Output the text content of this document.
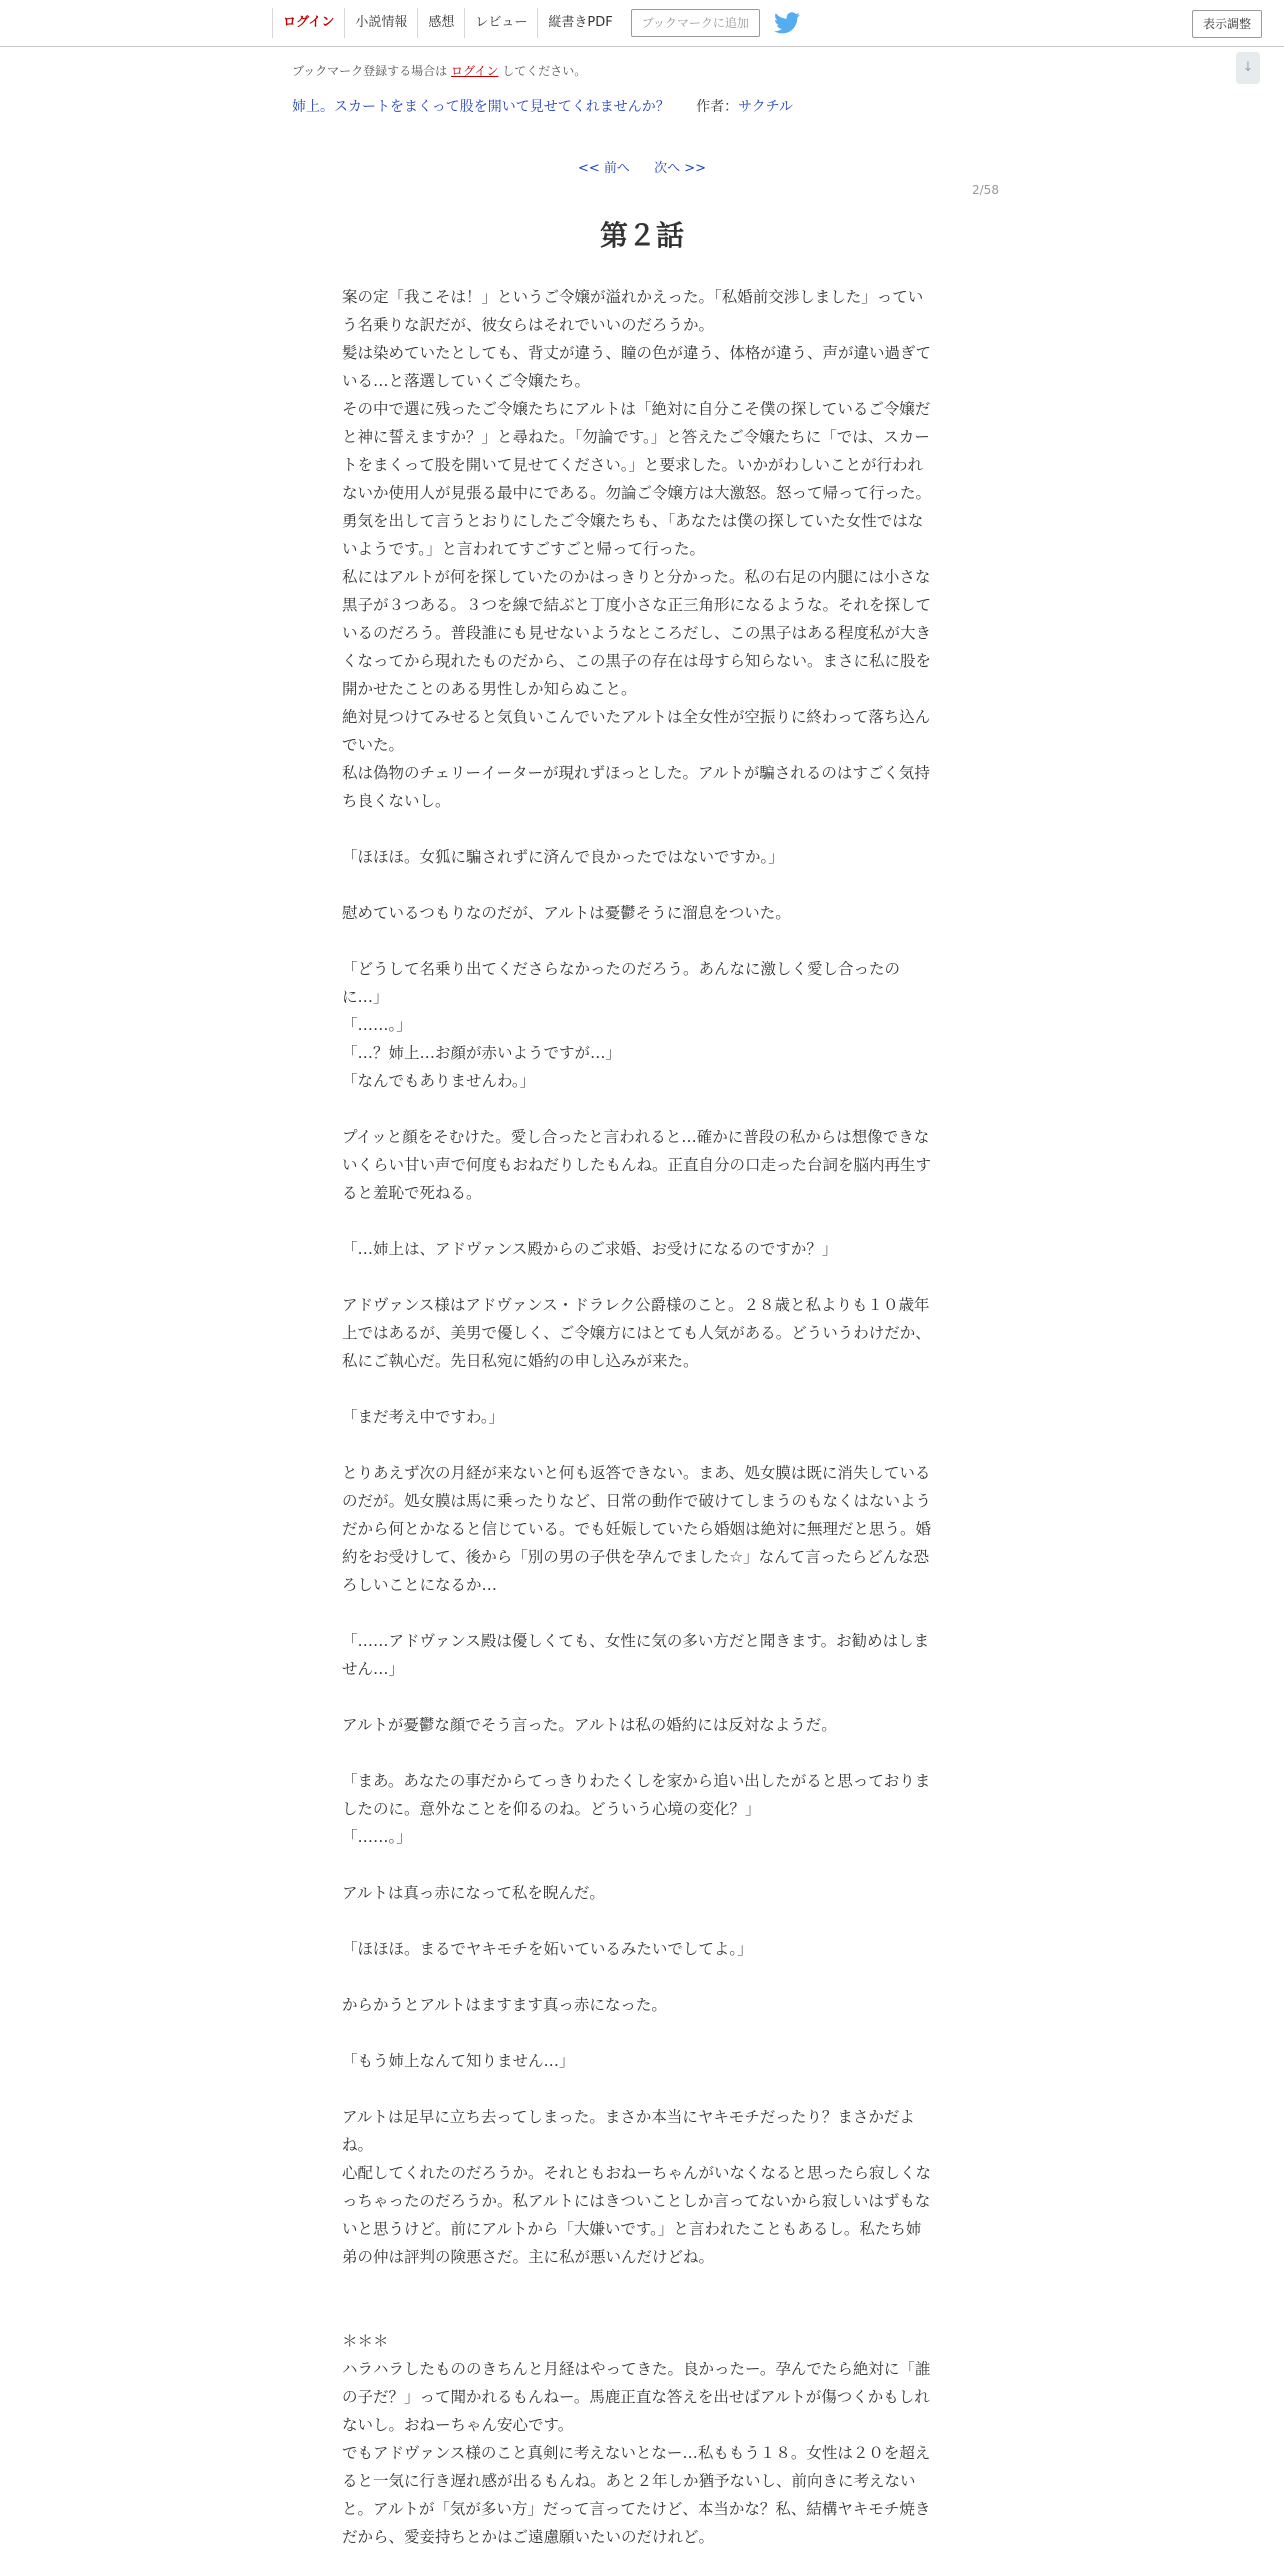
ログイン	小説情報	感想	レビュー	縦書きPDF	ブックマークに追加	表示調整
ブックマーク登録する場合は ログイン してください。	↓
姉上。スカートをまくって股を開いて見せてくれませんか？ 作者：サクチル
<< 前へ 次へ >>
2/58
第２話
案の定「我こそは！」というご令嬢が溢れかえった。「私婚前交渉しました」っていう名乗りな訳だが、彼女らはそれでいいのだろうか。
髪は染めていたとしても、背丈が違う、瞳の色が違う、体格が違う、声が違い過ぎている…と落選していくご令嬢たち。
その中で選に残ったご令嬢たちにアルトは「絶対に自分こそ僕の探しているご令嬢だと神に誓えますか？」と尋ねた。「勿論です。」と答えたご令嬢たちに「では、スカートをまくって股を開いて見せてください。」と要求した。いかがわしいことが行われないか使用人が見張る最中にである。勿論ご令嬢方は大激怒。怒って帰って行った。勇気を出して言うとおりにしたご令嬢たちも、「あなたは僕の探していた女性ではないようです。」と言われてすごすごと帰って行った。
私にはアルトが何を探していたのかはっきりと分かった。私の右足の内腿には小さな黒子が３つある。３つを線で結ぶと丁度小さな正三角形になるような。それを探しているのだろう。普段誰にも見せないようなところだし、この黒子はある程度私が大きくなってから現れたものだから、この黒子の存在は母すら知らない。まさに私に股を開かせたことのある男性しか知らぬこと。
絶対見つけてみせると気負いこんでいたアルトは全女性が空振りに終わって落ち込んでいた。
私は偽物のチェリーイーターが現れずほっとした。アルトが騙されるのはすごく気持ち良くないし。
「ほほほ。女狐に騙されずに済んで良かったではないですか。」
慰めているつもりなのだが、アルトは憂鬱そうに溜息をついた。
「どうして名乗り出てくださらなかったのだろう。あんなに激しく愛し合ったのに…」
「……。」
「…？姉上…お顔が赤いようですが…」
「なんでもありませんわ。」
プイッと顔をそむけた。愛し合ったと言われると…確かに普段の私からは想像できないくらい甘い声で何度もおねだりしたもんね。正直自分の口走った台詞を脳内再生すると羞恥で死ねる。
「…姉上は、アドヴァンス殿からのご求婚、お受けになるのですか？」
アドヴァンス様はアドヴァンス・ドラレク公爵様のこと。２８歳と私よりも１０歳年上ではあるが、美男で優しく、ご令嬢方にはとても人気がある。どういうわけだか、私にご執心だ。先日私宛に婚約の申し込みが来た。
「まだ考え中ですわ。」
とりあえず次の月経が来ないと何も返答できない。まあ、処女膜は既に消失しているのだが。処女膜は馬に乗ったりなど、日常の動作で破けてしまうのもなくはないようだから何とかなると信じている。でも妊娠していたら婚姻は絶対に無理だと思う。婚約をお受けして、後から「別の男の子供を孕んでました☆」なんて言ったらどんな恐ろしいことになるか…
「……アドヴァンス殿は優しくても、女性に気の多い方だと聞きます。お勧めはしません…」
アルトが憂鬱な顔でそう言った。アルトは私の婚約には反対なようだ。
「まあ。あなたの事だからてっきりわたくしを家から追い出したがると思っておりましたのに。意外なことを仰るのね。どういう心境の変化？」
「……。」
アルトは真っ赤になって私を睨んだ。
「ほほほ。まるでヤキモチを妬いているみたいでしてよ。」
からかうとアルトはますます真っ赤になった。
「もう姉上なんて知りません…」
アルトは足早に立ち去ってしまった。まさか本当にヤキモチだったり？まさかだよね。
心配してくれたのだろうか。それともおねーちゃんがいなくなると思ったら寂しくなっちゃったのだろうか。私アルトにはきついことしか言ってないから寂しいはずもないと思うけど。前にアルトから「大嫌いです。」と言われたこともあるし。私たち姉弟の仲は評判の険悪さだ。主に私が悪いんだけどね。
＊＊＊
ハラハラしたもののきちんと月経はやってきた。良かったー。孕んでたら絶対に「誰の子だ？」って聞かれるもんねー。馬鹿正直な答えを出せばアルトが傷つくかもしれないし。おねーちゃん安心です。
でもアドヴァンス様のこと真剣に考えないとなー…私ももう１８。女性は２０を超えると一気に行き遅れ感が出るもんね。あと２年しか猶予ないし、前向きに考えないと。アルトが「気が多い方」だって言ってたけど、本当かな？私、結構ヤキモチ焼きだから、愛妾持ちとかはご遠慮願いたいのだけれど。
